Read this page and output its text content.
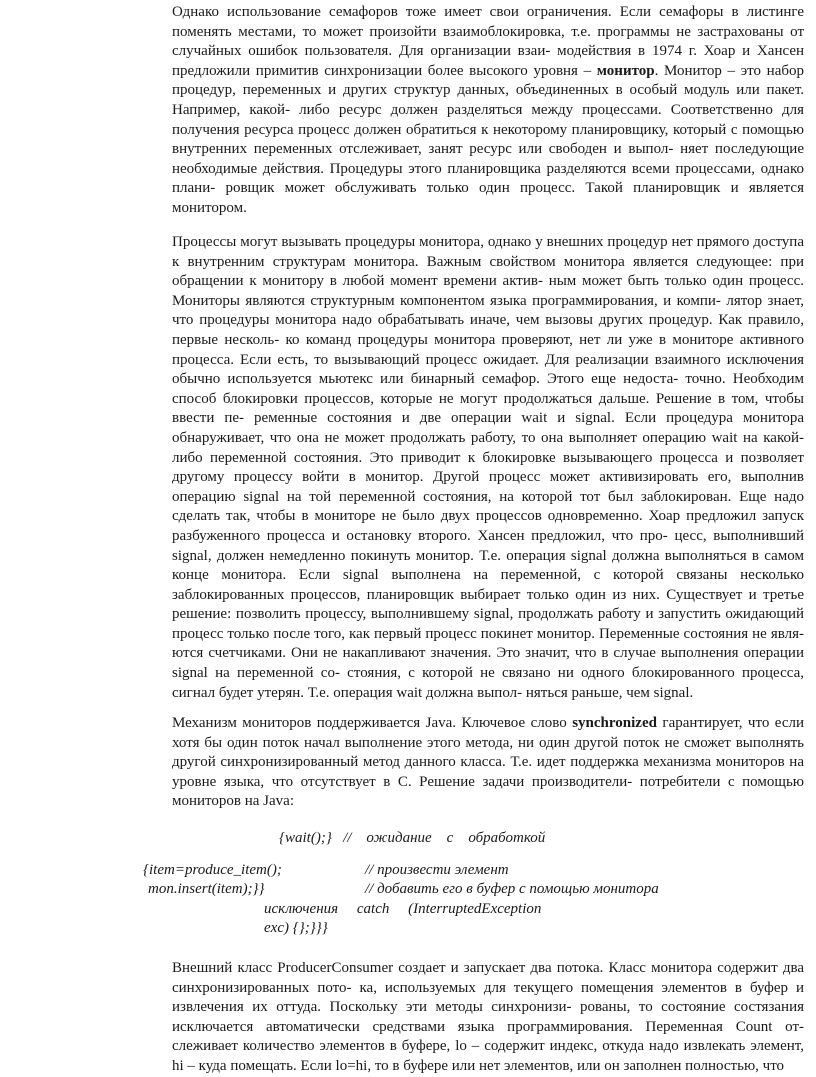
Однако использование семафоров тоже имеет свои ограничения. Если семафоры в листинге поменять местами, то может произойти взаимоблокировка, т.е. программы не застрахованы от случайных ошибок пользователя. Для организации взаи- модействия в 1974 г. Хоар и Хансен предложили примитив синхронизации более высокого уровня – монитор. Монитор – это набор процедур, переменных и других структур данных, объединенных в особый модуль или пакет. Например, какой- либо ресурс должен разделяться между процессами. Соответственно для получения ресурса процесс должен обратиться к некоторому планировщику, который с помощью внутренних переменных отслеживает, занят ресурс или свободен и выпол- няет последующие необходимые действия. Процедуры этого планировщика разделяются всеми процессами, однако плани- ровщик может обслуживать только один процесс. Такой планировщик и является монитором.

Процессы могут вызывать процедуры монитора, однако у внешних процедур нет прямого доступа к внутренним структурам монитора. Важным свойством монитора является следующее: при обращении к монитору в любой момент времени актив- ным может быть только один процесс. Мониторы являются структурным компонентом языка программирования, и компи- лятор знает, что процедуры монитора надо обрабатывать иначе, чем вызовы других процедур. Как правило, первые несколь- ко команд процедуры монитора проверяют, нет ли уже в мониторе активного процесса. Если есть, то вызывающий процесс ожидает. Для реализации взаимного исключения обычно используется мьютекс или бинарный семафор. Этого еще недоста- точно. Необходим способ блокировки процессов, которые не могут продолжаться дальше. Решение в том, чтобы ввести пе- ременные состояния и две операции wait и signal. Если процедура монитора обнаруживает, что она не может продолжать работу, то она выполняет операцию wait на какой-либо переменной состояния. Это приводит к блокировке вызывающего процесса и позволяет другому процессу войти в монитор. Другой процесс может активизировать его, выполнив операцию signal на той переменной состояния, на которой тот был заблокирован. Еще надо сделать так, чтобы в мониторе не было двух процессов одновременно. Хоар предложил запуск разбуженного процесса и остановку второго. Хансен предложил, что про- цесс, выполнивший signal, должен немедленно покинуть монитор. Т.е. операция signal должна выполняться в самом конце монитора. Если signal выполнена на переменной, с которой связаны несколько заблокированных процессов, планировщик выбирает только один из них. Существует и третье решение: позволить процессу, выполнившему signal, продолжать работу и запустить ожидающий процесс только после того, как первый процесс покинет монитор. Переменные состояния не явля- ются счетчиками. Они не накапливают значения. Это значит, что в случае выполнения операции signal на переменной со- стояния, с которой не связано ни одного блокированного процесса, сигнал будет утерян. Т.е. операция wait должна выпол- няться раньше, чем signal.

Механизм мониторов поддерживается Java. Ключевое слово synchronized гарантирует, что если хотя бы один поток начал выполнение этого метода, ни один другой поток не сможет выполнять другой синхронизированный метод данного класса. Т.е. идет поддержка механизма мониторов на уровне языка, что отсутствует в С. Решение задачи производители- потребители с помощью мониторов на Java:

Внешний класс ProducerConsumer создает и запускает два потока. Класс монитора содержит два синхронизированных пото- ка, используемых для текущего помещения элементов в буфер и извлечения их оттуда. Поскольку эти методы синхронизи- рованы, то состояние состязания исключается автоматически средствами языка программирования. Переменная Count от- слеживает количество элементов в буфере, lo – содержит индекс, откуда надо извлекать элемент, hi – куда помещать. Если lo=hi, то в буфере или нет элементов, или он заполнен полностью, что

{wait();}   //    ожидание    с    обработкой
{item=produce_item();	// произвести элемент
mon.insert(item);}}	// добавить его в буфер с помощью монитора
исключения     catch     (InterruptedException
exc) {};}}}
